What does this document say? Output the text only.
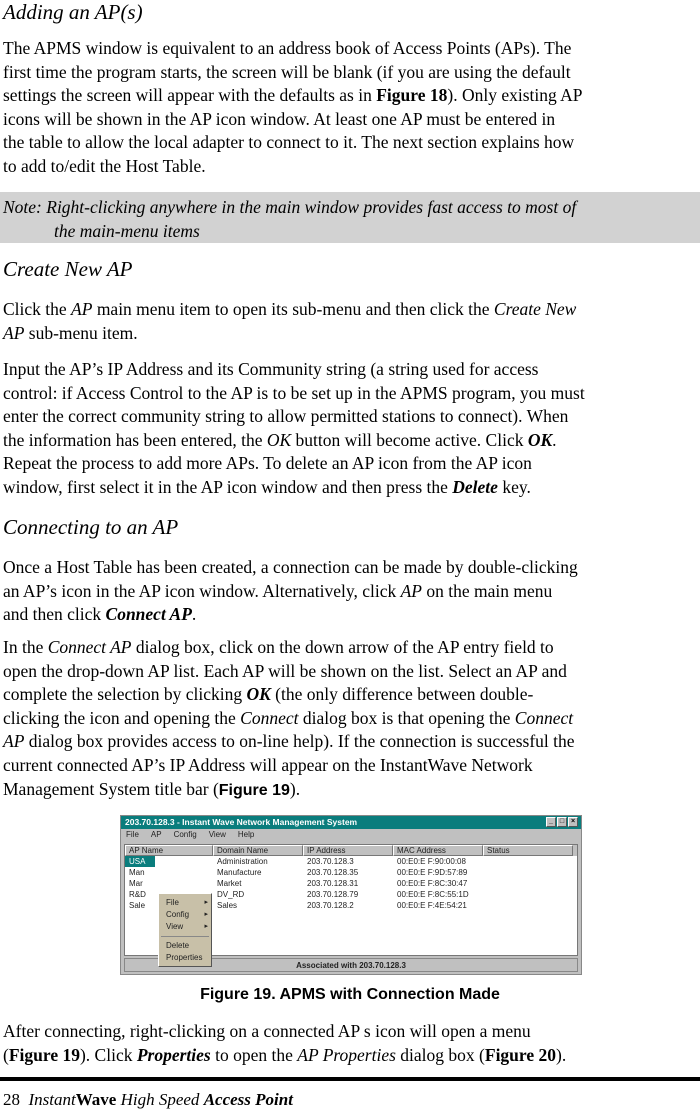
Adding an AP(s)
The APMS window is equivalent to an address book of Access Points (APs). The
first time the program starts, the screen will be blank (if you are using the default
settings the screen will appear with the defaults as in Figure 18). Only existing AP
icons will be shown in the AP icon window. At least one AP must be entered in
the table to allow the local adapter to connect to it. The next section explains how
to add to/edit the Host Table.
Note: Right-clicking anywhere in the main window provides fast access to most of
the main-menu items
Create New AP
Click the AP main menu item to open its sub-menu and then click the Create New
AP sub-menu item.
Input the AP’s IP Address and its Community string (a string used for access
control: if Access Control to the AP is to be set up in the APMS program, you must
enter the correct community string to allow permitted stations to connect). When
the information has been entered, the OK button will become active. Click OK.
Repeat the process to add more APs. To delete an AP icon from the AP icon
window, first select it in the AP icon window and then press the Delete key.
Connecting to an AP
Once a Host Table has been created, a connection can be made by double-clicking
an AP’s icon in the AP icon window. Alternatively, click AP on the main menu
and then click Connect AP.
In the Connect AP dialog box, click on the down arrow of the AP entry field to
open the drop-down AP list. Each AP will be shown on the list. Select an AP and
complete the selection by clicking OK (the only difference between double-
clicking the icon and opening the Connect dialog box is that opening the Connect
AP dialog box provides access to on-line help). If the connection is successful the
current connected AP’s IP Address will appear on the InstantWave Network
Management System title bar (Figure 19).
203.70.128.3 - Instant Wave Network Management System	_ □ ×
File AP Config View Help
AP Name	Domain Name	IP Address	MAC Address	Status
USA	Administration	203.70.128.3	00:E0:E F:90:00:08
Man	Manufacture	203.70.128.35	00:E0:E F:9D:57:89
Mar	Market	203.70.128.31	00:E0:E F:8C:30:47
R&D	DV_RD	203.70.128.79	00:E0:E F:8C:55:1D
Sale	Sales	203.70.128.2	00:E0:E F:4E:54:21
File ▸
Config ▸
View ▸
Delete
Properties
Associated with 203.70.128.3
Figure 19. APMS with Connection Made
After connecting, right-clicking on a connected AP s icon will open a menu
(Figure 19). Click Properties to open the AP Properties dialog box (Figure 20).
28 InstantWave High Speed Access Point
